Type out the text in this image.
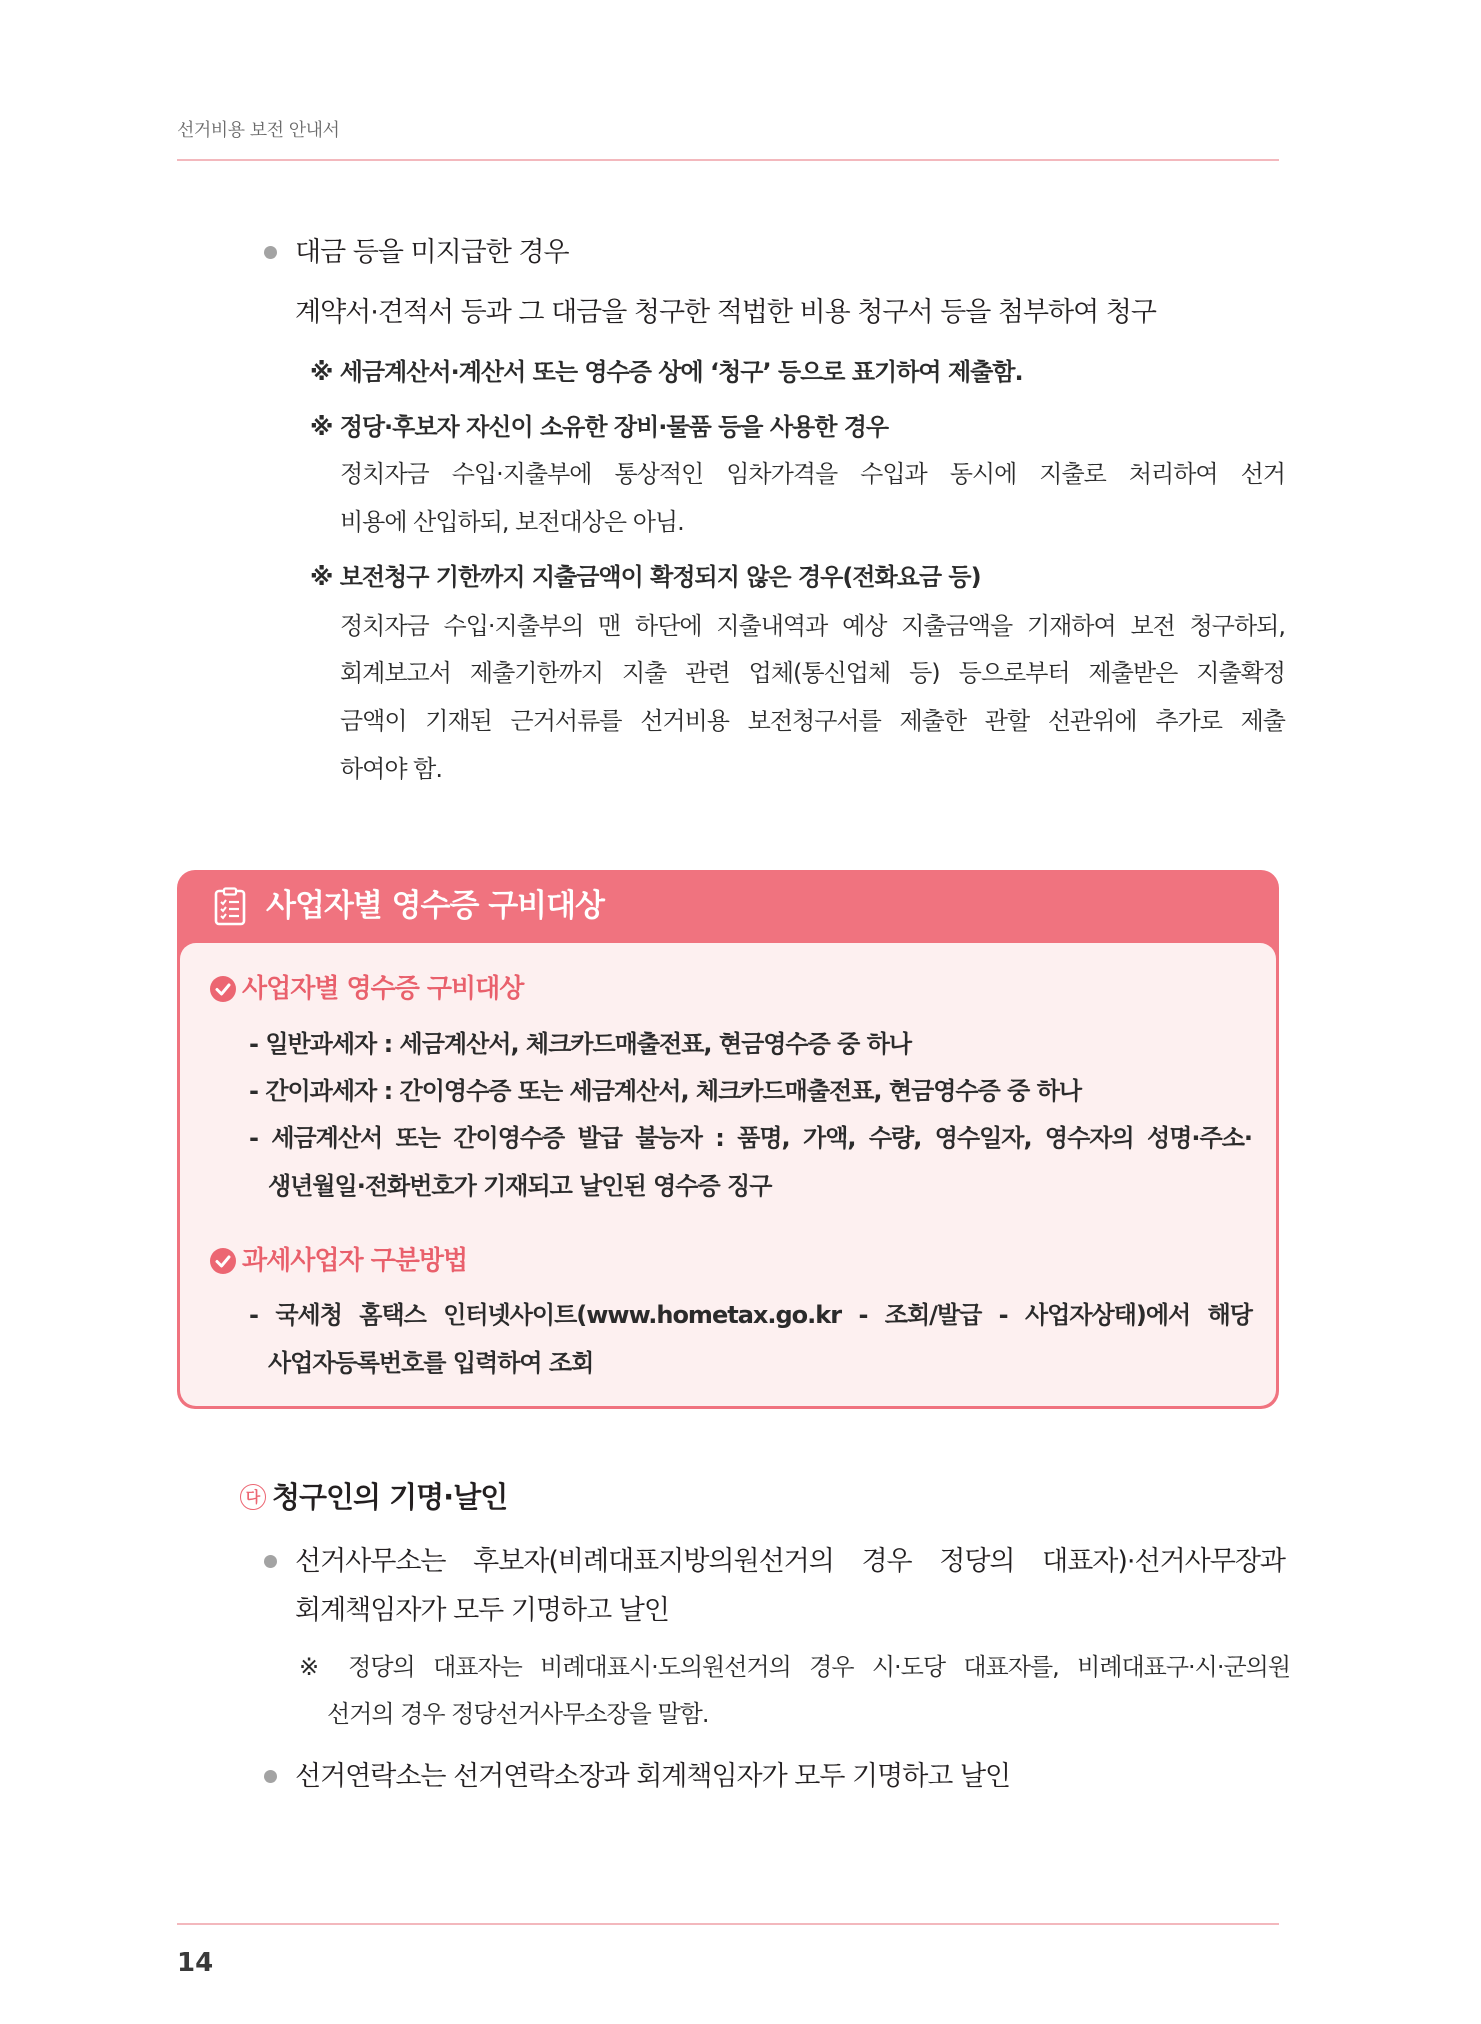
선거비용 보전 안내서
대금 등을 미지급한 경우
계약서·견적서 등과 그 대금을 청구한 적법한 비용 청구서 등을 첨부하여 청구
※ 세금계산서·계산서 또는 영수증 상에 ‘청구’ 등으로 표기하여 제출함.
※ 정당·후보자 자신이 소유한 장비·물품 등을 사용한 경우
정치자금 수입·지출부에 통상적인 임차가격을 수입과 동시에 지출로 처리하여 선거
비용에 산입하되, 보전대상은 아님.
※ 보전청구 기한까지 지출금액이 확정되지 않은 경우(전화요금 등)
정치자금 수입·지출부의 맨 하단에 지출내역과 예상 지출금액을 기재하여 보전 청구하되,
회계보고서 제출기한까지 지출 관련 업체(통신업체 등) 등으로부터 제출받은 지출확정
금액이 기재된 근거서류를 선거비용 보전청구서를 제출한 관할 선관위에 추가로 제출
하여야 함.
사업자별 영수증 구비대상
사업자별 영수증 구비대상
- 일반과세자 : 세금계산서, 체크카드매출전표, 현금영수증 중 하나
- 간이과세자 : 간이영수증 또는 세금계산서, 체크카드매출전표, 현금영수증 중 하나
- 세금계산서 또는 간이영수증 발급 불능자 : 품명, 가액, 수량, 영수일자, 영수자의 성명·주소·
생년월일·전화번호가 기재되고 날인된 영수증 징구
과세사업자 구분방법
- 국세청 홈택스 인터넷사이트(www.hometax.go.kr - 조회/발급 - 사업자상태)에서 해당
사업자등록번호를 입력하여 조회
다 청구인의 기명·날인
선거사무소는 후보자(비례대표지방의원선거의 경우 정당의 대표자)·선거사무장과
회계책임자가 모두 기명하고 날인
※ 정당의 대표자는 비례대표시·도의원선거의 경우 시·도당 대표자를, 비례대표구·시·군의원
선거의 경우 정당선거사무소장을 말함.
선거연락소는 선거연락소장과 회계책임자가 모두 기명하고 날인
14
